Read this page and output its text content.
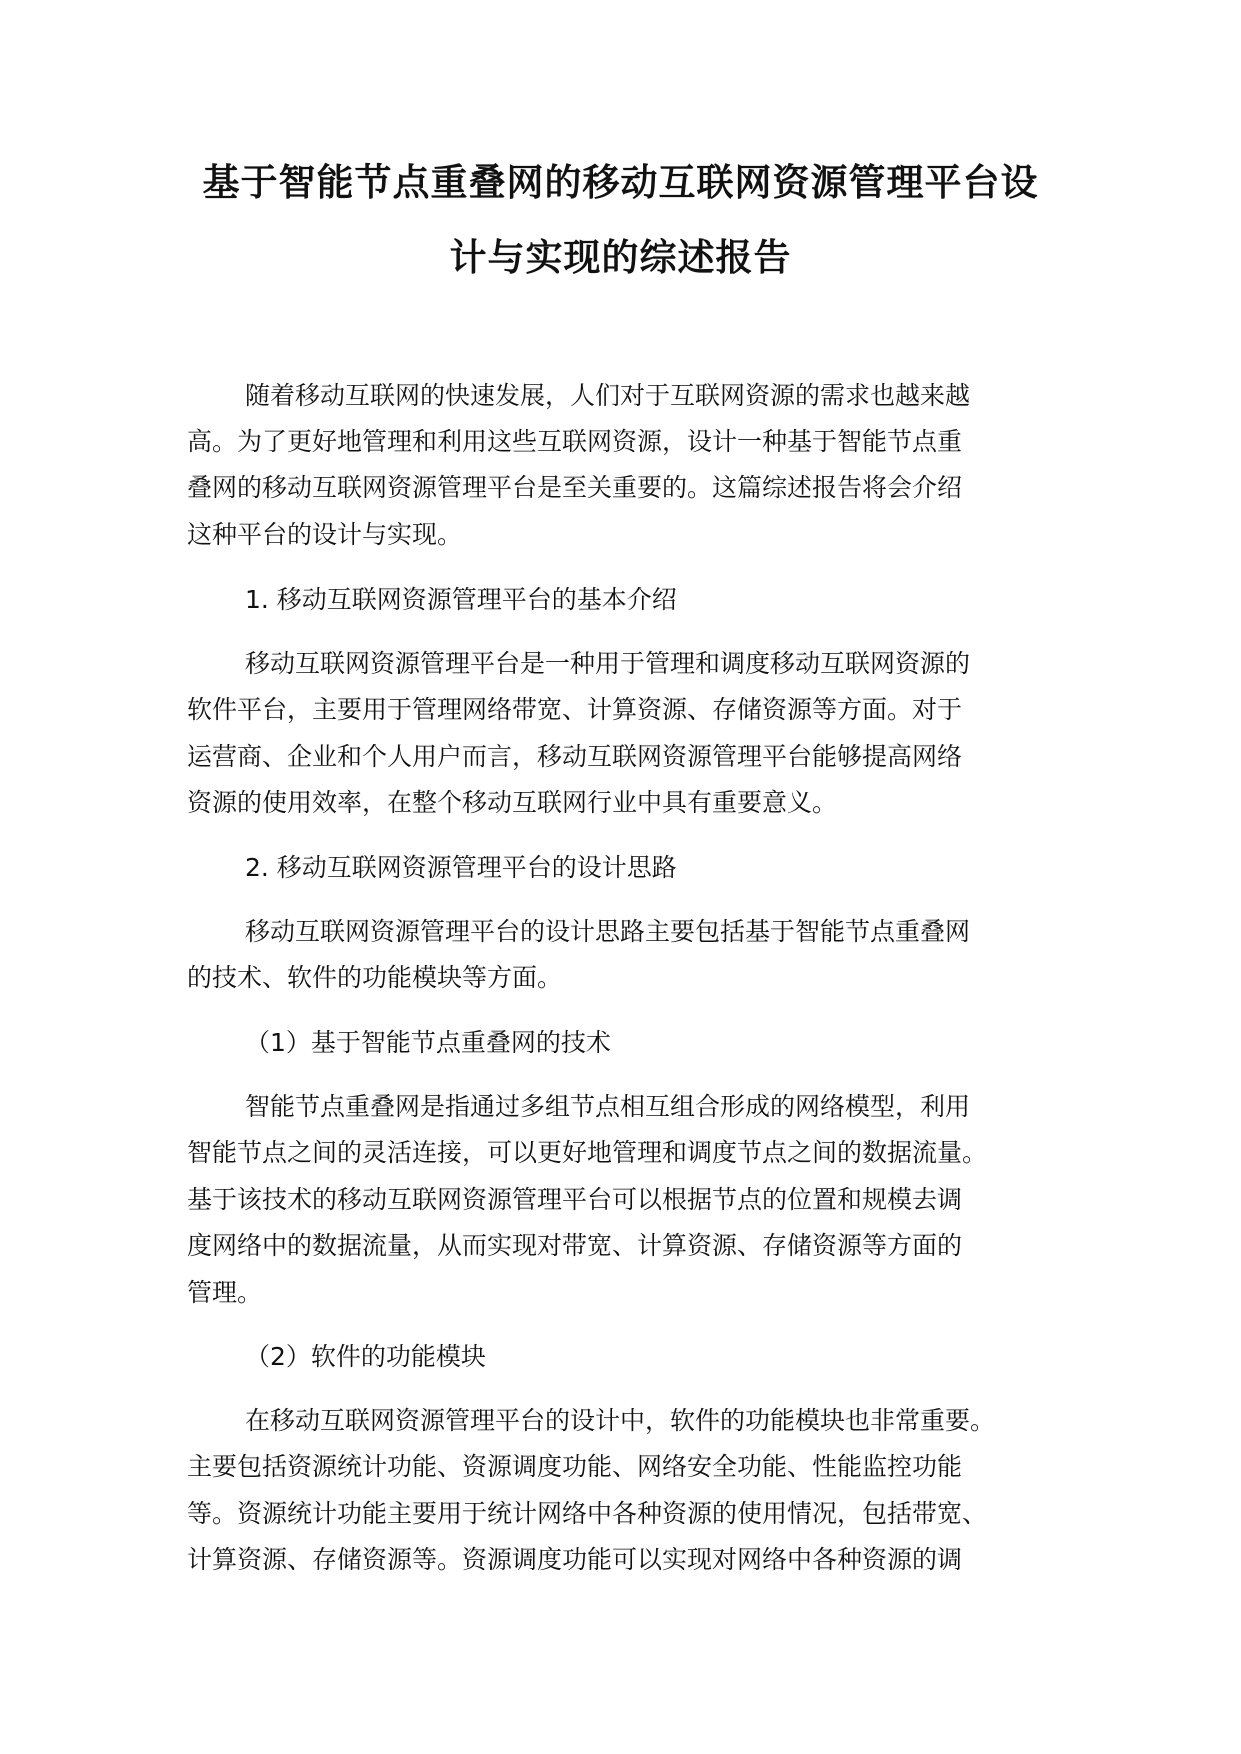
基于智能节点重叠网的移动互联网资源管理平台设
计与实现的综述报告
随着移动互联网的快速发展，人们对于互联网资源的需求也越来越
高。为了更好地管理和利用这些互联网资源，设计一种基于智能节点重
叠网的移动互联网资源管理平台是至关重要的。这篇综述报告将会介绍
这种平台的设计与实现。
1. 移动互联网资源管理平台的基本介绍
移动互联网资源管理平台是一种用于管理和调度移动互联网资源的
软件平台，主要用于管理网络带宽、计算资源、存储资源等方面。对于
运营商、企业和个人用户而言，移动互联网资源管理平台能够提高网络
资源的使用效率，在整个移动互联网行业中具有重要意义。
2. 移动互联网资源管理平台的设计思路
移动互联网资源管理平台的设计思路主要包括基于智能节点重叠网
的技术、软件的功能模块等方面。
（1）基于智能节点重叠网的技术
智能节点重叠网是指通过多组节点相互组合形成的网络模型，利用
智能节点之间的灵活连接，可以更好地管理和调度节点之间的数据流量。
基于该技术的移动互联网资源管理平台可以根据节点的位置和规模去调
度网络中的数据流量，从而实现对带宽、计算资源、存储资源等方面的
管理。
（2）软件的功能模块
在移动互联网资源管理平台的设计中，软件的功能模块也非常重要。
主要包括资源统计功能、资源调度功能、网络安全功能、性能监控功能
等。资源统计功能主要用于统计网络中各种资源的使用情况，包括带宽、
计算资源、存储资源等。资源调度功能可以实现对网络中各种资源的调
